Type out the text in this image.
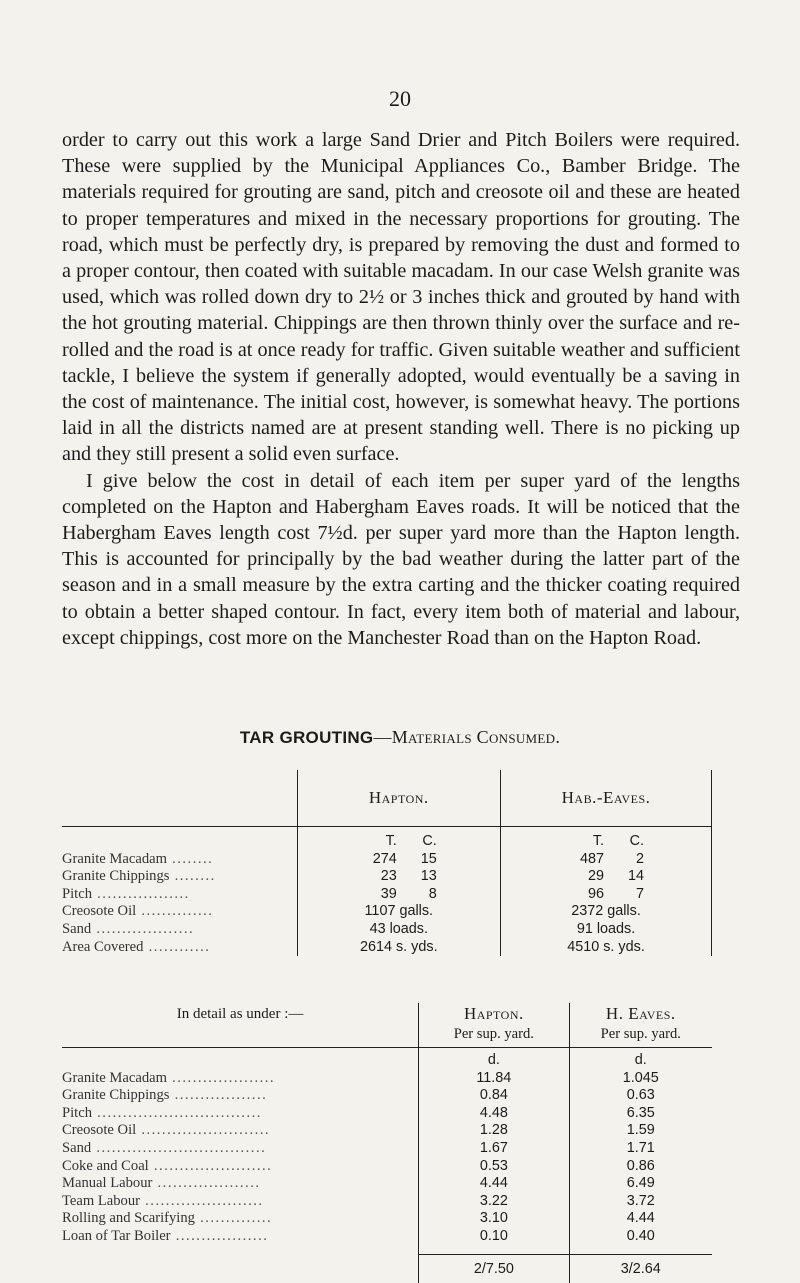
20

order to carry out this work a large Sand Drier and Pitch Boilers were required. These were supplied by the Municipal Appliances Co., Bamber Bridge. The materials required for grouting are sand, pitch and creosote oil and these are heated to proper temperatures and mixed in the necessary proportions for grouting. The road, which must be perfectly dry, is prepared by removing the dust and formed to a proper contour, then coated with suitable macadam. In our case Welsh granite was used, which was rolled down dry to 2½ or 3 inches thick and grouted by hand with the hot grouting material. Chippings are then thrown thinly over the surface and re-rolled and the road is at once ready for traffic. Given suitable weather and sufficient tackle, I believe the system if generally adopted, would eventually be a saving in the cost of maintenance. The initial cost, however, is somewhat heavy. The portions laid in all the districts named are at present standing well. There is no picking up and they still present a solid even surface.

I give below the cost in detail of each item per super yard of the lengths completed on the Hapton and Habergham Eaves roads. It will be noticed that the Habergham Eaves length cost 7½d. per super yard more than the Hapton length. This is accounted for principally by the bad weather during the latter part of the season and in a small measure by the extra carting and the thicker coating required to obtain a better shaped contour. In fact, every item both of material and labour, except chippings, cost more on the Manchester Road than on the Hapton Road.

TAR GROUTING—Materials Consumed.
	Hapton.	Hab.-Eaves.

	T. C.	T. C.

Granite Macadam ........	274 15	487 2

Granite Chippings ........	23 13	29 14

Pitch ..................	39 8	96 7

Creosote Oil ..............	1107 galls.	2372 galls.
Sand ...................	43 loads.	91 loads.
Area Covered ............	2614 s. yds.	4510 s. yds.
In detail as under :—	Hapton.	H. Eaves.
	Per sup. yard.	Per sup. yard.
	d.	d.
Granite Macadam ....................	11.84	1.045
Granite Chippings ..................	0.84	0.63
Pitch ................................	4.48	6.35
Creosote Oil .........................	1.28	1.59
Sand .................................	1.67	1.71
Coke and Coal .......................	0.53	0.86
Manual Labour ....................	4.44	6.49
Team Labour .......................	3.22	3.72
Rolling and Scarifying ..............	3.10	4.44
Loan of Tar Boiler ..................	0.10	0.40

	2/7.50	3/2.64
